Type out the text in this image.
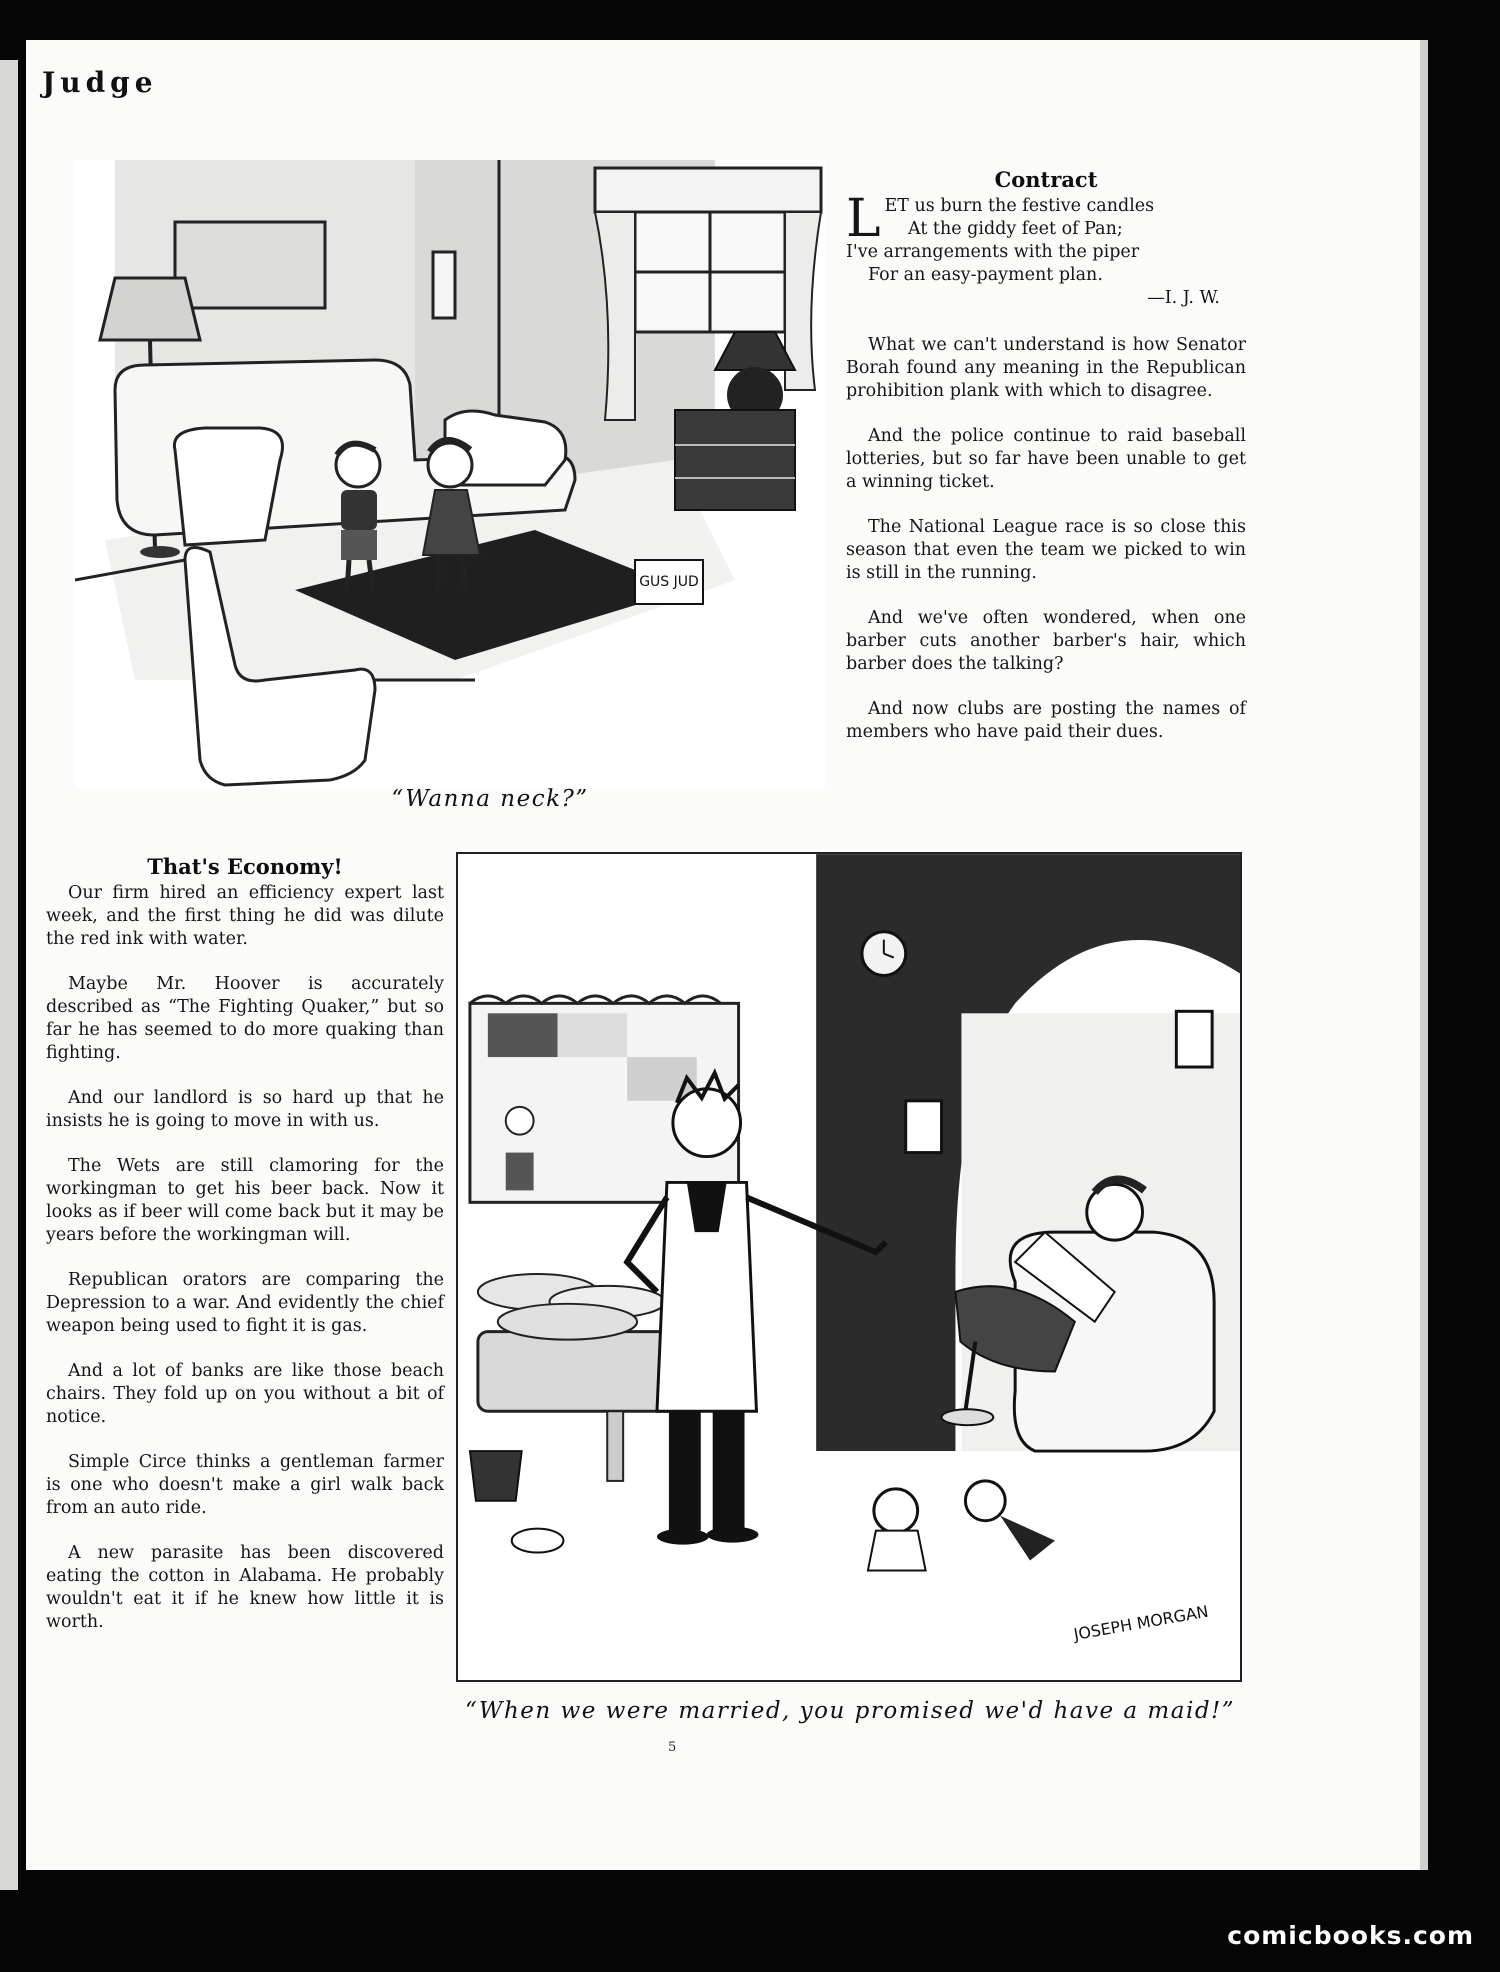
Judge
GUS JUD
“Wanna neck?”
Contract
L ET us burn the festive candles
At the giddy feet of Pan;
I've arrangements with the piper
For an easy-payment plan.
—I. J. W.

What we can't understand is how Senator Borah found any meaning in the Republican prohibition plank with which to disagree.

And the police continue to raid baseball lotteries, but so far have been unable to get a winning ticket.

The National League race is so close this season that even the team we picked to win is still in the running.

And we've often wondered, when one barber cuts another barber's hair, which barber does the talking?

And now clubs are posting the names of members who have paid their dues.

That's Economy!

Our firm hired an efficiency expert last week, and the first thing he did was dilute the red ink with water.

Maybe Mr. Hoover is accurately described as “The Fighting Quaker,” but so far he has seemed to do more quaking than fighting.

And our landlord is so hard up that he insists he is going to move in with us.

The Wets are still clamoring for the workingman to get his beer back. Now it looks as if beer will come back but it may be years before the workingman will.

Republican orators are comparing the Depression to a war. And evidently the chief weapon being used to fight it is gas.

And a lot of banks are like those beach chairs. They fold up on you without a bit of notice.

Simple Circe thinks a gentleman farmer is one who doesn't make a girl walk back from an auto ride.

A new parasite has been discovered eating the cotton in Alabama. He probably wouldn't eat it if he knew how little it is worth.	JOSEPH MORGAN
“When we were married, you promised we'd have a maid!”
5
comicbooks.com
